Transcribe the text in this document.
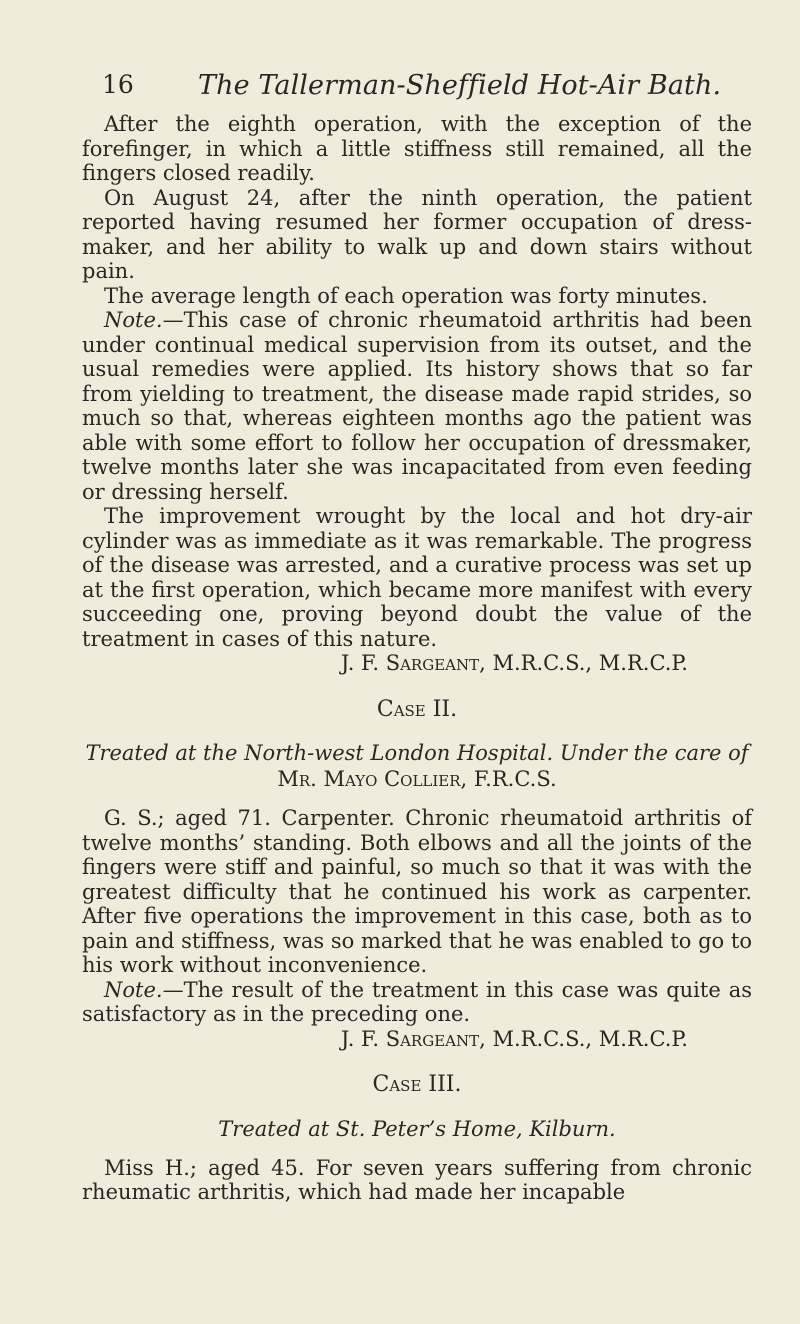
16 The Tallerman-Sheffield Hot-Air Bath.

After the eighth operation, with the exception of the forefinger, in which a little stiffness still remained, all the fingers closed readily.

On August 24, after the ninth operation, the patient reported having resumed her former occupation of dress-maker, and her ability to walk up and down stairs without pain.

The average length of each operation was forty minutes.

Note.—This case of chronic rheumatoid arthritis had been under continual medical supervision from its outset, and the usual remedies were applied. Its history shows that so far from yielding to treatment, the disease made rapid strides, so much so that, whereas eighteen months ago the patient was able with some effort to follow her occupation of dressmaker, twelve months later she was incapacitated from even feeding or dressing herself.

The improvement wrought by the local and hot dry-air cylinder was as immediate as it was remarkable. The progress of the disease was arrested, and a curative process was set up at the first operation, which became more manifest with every succeeding one, proving beyond doubt the value of the treatment in cases of this nature.

J. F. Sargeant, M.R.C.S., M.R.C.P.

Case II.
Treated at the North-west London Hospital. Under the care of Mr. Mayo Collier, F.R.C.S.

G. S.; aged 71. Carpenter. Chronic rheumatoid arthritis of twelve months’ standing. Both elbows and all the joints of the fingers were stiff and painful, so much so that it was with the greatest difficulty that he continued his work as carpenter. After five operations the improvement in this case, both as to pain and stiffness, was so marked that he was enabled to go to his work without inconvenience.

Note.—The result of the treatment in this case was quite as satisfactory as in the preceding one.

J. F. Sargeant, M.R.C.S., M.R.C.P.

Case III.
Treated at St. Peter’s Home, Kilburn.

Miss H.; aged 45. For seven years suffering from chronic rheumatic arthritis, which had made her incapable
